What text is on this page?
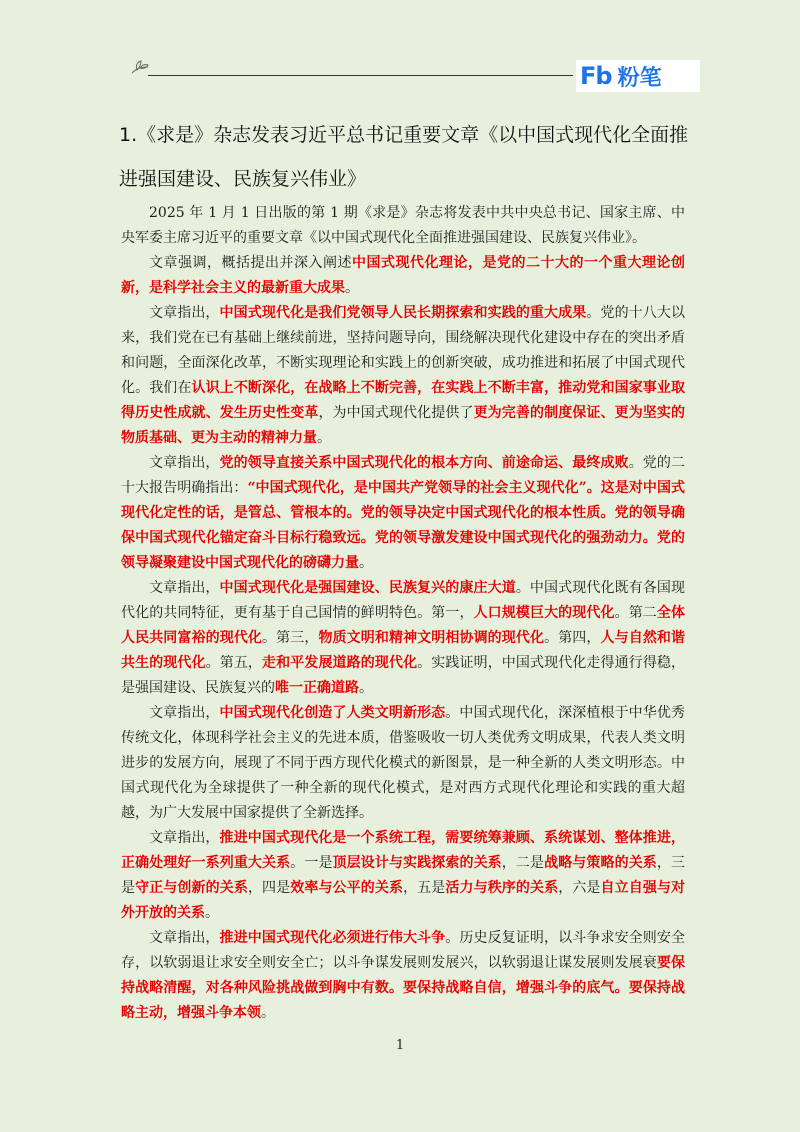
Fb 粉笔
1.《求是》杂志发表习近平总书记重要文章《以中国式现代化全面推进强国建设、民族复兴伟业》

2025 年 1 月 1 日出版的第 1 期《求是》杂志将发表中共中央总书记、国家主席、中央军委主席习近平的重要文章《以中国式现代化全面推进强国建设、民族复兴伟业》。

文章强调，概括提出并深入阐述中国式现代化理论，是党的二十大的一个重大理论创新，是科学社会主义的最新重大成果。

文章指出，中国式现代化是我们党领导人民长期探索和实践的重大成果。党的十八大以来，我们党在已有基础上继续前进，坚持问题导向，围绕解决现代化建设中存在的突出矛盾和问题，全面深化改革，不断实现理论和实践上的创新突破，成功推进和拓展了中国式现代化。我们在认识上不断深化，在战略上不断完善，在实践上不断丰富，推动党和国家事业取得历史性成就、发生历史性变革，为中国式现代化提供了更为完善的制度保证、更为坚实的物质基础、更为主动的精神力量。

文章指出，党的领导直接关系中国式现代化的根本方向、前途命运、最终成败。党的二十大报告明确指出：“中国式现代化，是中国共产党领导的社会主义现代化”。这是对中国式现代化定性的话，是管总、管根本的。党的领导决定中国式现代化的根本性质。党的领导确保中国式现代化锚定奋斗目标行稳致远。党的领导激发建设中国式现代化的强劲动力。党的领导凝聚建设中国式现代化的磅礴力量。

文章指出，中国式现代化是强国建设、民族复兴的康庄大道。中国式现代化既有各国现代化的共同特征，更有基于自己国情的鲜明特色。第一，人口规模巨大的现代化。第二全体人民共同富裕的现代化。第三，物质文明和精神文明相协调的现代化。第四，人与自然和谐共生的现代化。第五，走和平发展道路的现代化。实践证明，中国式现代化走得通行得稳，是强国建设、民族复兴的唯一正确道路。

文章指出，中国式现代化创造了人类文明新形态。中国式现代化，深深植根于中华优秀传统文化，体现科学社会主义的先进本质，借鉴吸收一切人类优秀文明成果，代表人类文明进步的发展方向，展现了不同于西方现代化模式的新图景，是一种全新的人类文明形态。中国式现代化为全球提供了一种全新的现代化模式，是对西方式现代化理论和实践的重大超越，为广大发展中国家提供了全新选择。

文章指出，推进中国式现代化是一个系统工程，需要统筹兼顾、系统谋划、整体推进，正确处理好一系列重大关系。一是顶层设计与实践探索的关系，二是战略与策略的关系，三是守正与创新的关系，四是效率与公平的关系，五是活力与秩序的关系，六是自立自强与对外开放的关系。

文章指出，推进中国式现代化必须进行伟大斗争。历史反复证明，以斗争求安全则安全存，以软弱退让求安全则安全亡；以斗争谋发展则发展兴，以软弱退让谋发展则发展衰要保持战略清醒，对各种风险挑战做到胸中有数。要保持战略自信，增强斗争的底气。要保持战略主动，增强斗争本领。

1
